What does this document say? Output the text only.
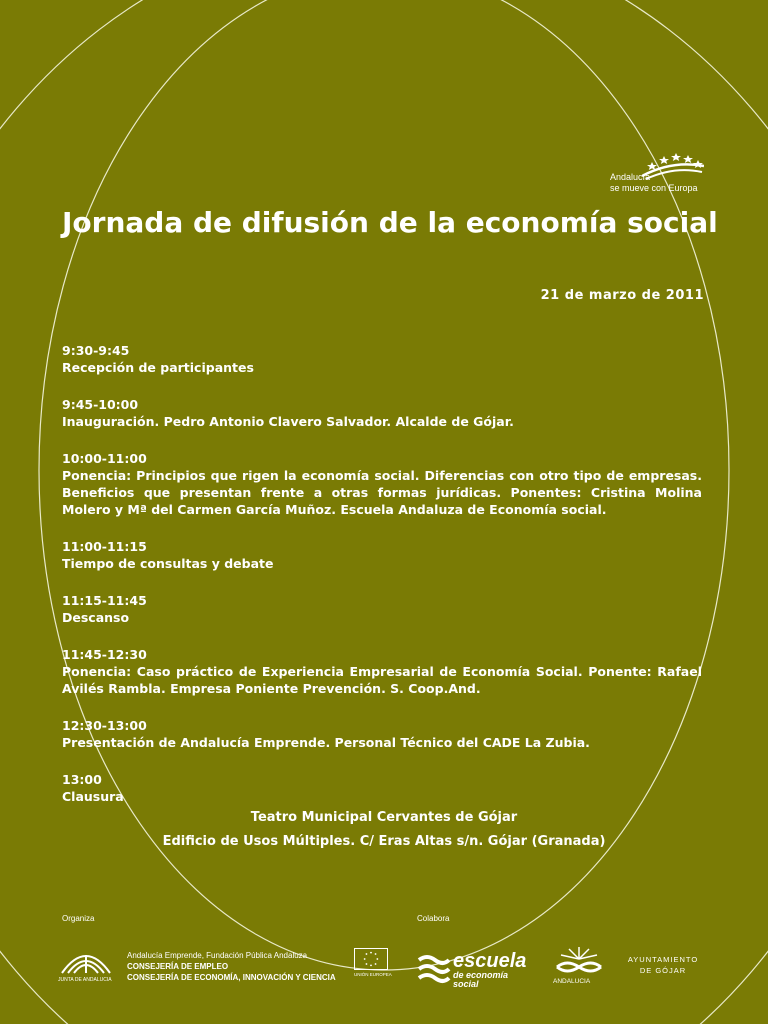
Andalucía
se mueve con Europa
Jornada de difusión de la economía social
21 de marzo de 2011
9:30-9:45
Recepción de participantes
9:45-10:00
Inauguración. Pedro Antonio Clavero Salvador. Alcalde de Gójar.
10:00-11:00
Ponencia: Principios que rigen la economía social. Diferencias con otro tipo de empresas. Beneficios que presentan frente a otras formas jurídicas. Ponentes: Cristina Molina Molero y Mª del Carmen García Muñoz. Escuela Andaluza de Economía social.
11:00-11:15
Tiempo de consultas y debate
11:15-11:45
Descanso
11:45-12:30
Ponencia: Caso práctico de Experiencia Empresarial de Economía Social. Ponente: Rafael Avilés Rambla. Empresa Poniente Prevención. S. Coop.And.
12:30-13:00
Presentación de Andalucía Emprende. Personal Técnico del CADE La Zubia.
13:00
Clausura
Teatro Municipal Cervantes de Gójar
Edificio de Usos Múltiples. C/ Eras Altas s/n. Gójar (Granada)
Organiza	Colabora
JUNTA DE ANDALUCIA
Andalucía Emprende, Fundación Pública Andaluza
CONSEJERÍA DE EMPLEO
CONSEJERÍA DE ECONOMÍA, INNOVACIÓN Y CIENCIA	UNIÓN EUROPEA
escuela
de economía
social	ANDALUCIA
AYUNTAMIENTO
DE GÓJAR
